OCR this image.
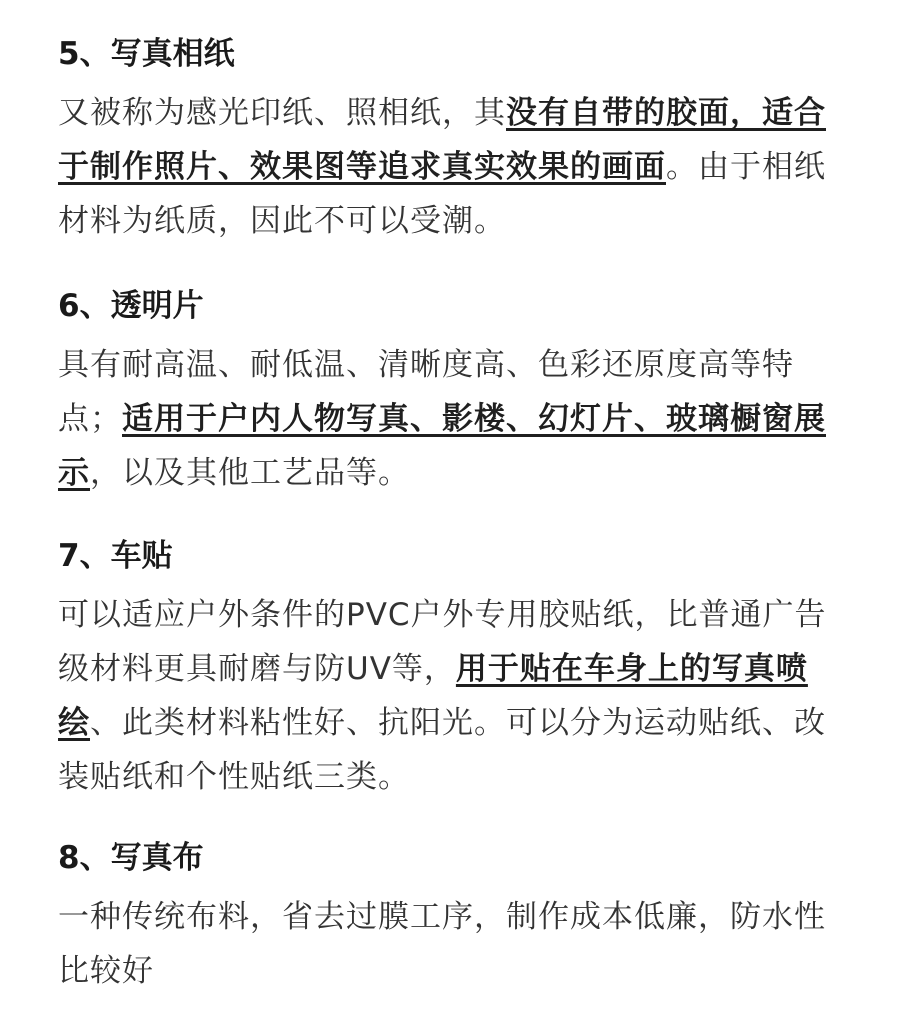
5、写真相纸

又被称为感光印纸、照相纸，其没有自带的胶面，适合于制作照片、效果图等追求真实效果的画面。由于相纸材料为纸质，因此不可以受潮。

6、透明片

具有耐高温、耐低温、清晰度高、色彩还原度高等特点；适用于户内人物写真、影楼、幻灯片、玻璃橱窗展示，以及其他工艺品等。

7、车贴

可以适应户外条件的PVC户外专用胶贴纸，比普通广告级材料更具耐磨与防UV等，用于贴在车身上的写真喷绘、此类材料粘性好、抗阳光。可以分为运动贴纸、改装贴纸和个性贴纸三类。

8、写真布

一种传统布料，省去过膜工序，制作成本低廉，防水性比较好
